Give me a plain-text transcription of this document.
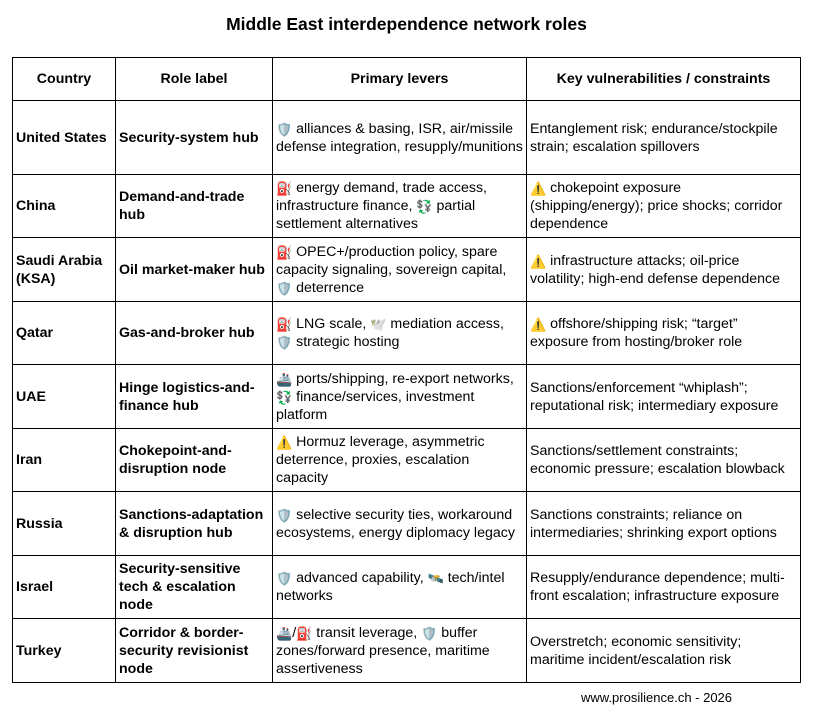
Middle East interdependence network roles
Country	Role label	Primary levers	Key vulnerabilities / constraints
United States	Security-system hub	🛡️ alliances & basing, ISR, air/missile defense integration, resupply/munitions	Entanglement risk; endurance/stockpile strain; escalation spillovers
China	Demand-and-trade hub	⛽ energy demand, trade access, infrastructure finance, 💱 partial settlement alternatives	⚠️ chokepoint exposure (shipping/energy); price shocks; corridor dependence
Saudi Arabia (KSA)	Oil market-maker hub	⛽ OPEC+/production policy, spare capacity signaling, sovereign capital, 🛡️ deterrence	⚠️ infrastructure attacks; oil-price volatility; high-end defense dependence
Qatar	Gas-and-broker hub	⛽ LNG scale, 🕊️ mediation access, 🛡️ strategic hosting	⚠️ offshore/shipping risk; “target” exposure from hosting/broker role
UAE	Hinge logistics-and-finance hub	🚢 ports/shipping, re-export networks, 💱 finance/services, investment platform	Sanctions/enforcement “whiplash”; reputational risk; intermediary exposure
Iran	Chokepoint-and-disruption node	⚠️ Hormuz leverage, asymmetric deterrence, proxies, escalation capacity	Sanctions/settlement constraints; economic pressure; escalation blowback
Russia	Sanctions-adaptation & disruption hub	🛡️ selective security ties, workaround ecosystems, energy diplomacy legacy	Sanctions constraints; reliance on intermediaries; shrinking export options
Israel	Security-sensitive tech & escalation node	🛡️ advanced capability, 🛰️ tech/intel networks	Resupply/endurance dependence; multi-front escalation; infrastructure exposure
Turkey	Corridor & border-security revisionist node	🚢/⛽ transit leverage, 🛡️ buffer zones/forward presence, maritime assertiveness	Overstretch; economic sensitivity; maritime incident/escalation risk
www.prosilience.ch - 2026
